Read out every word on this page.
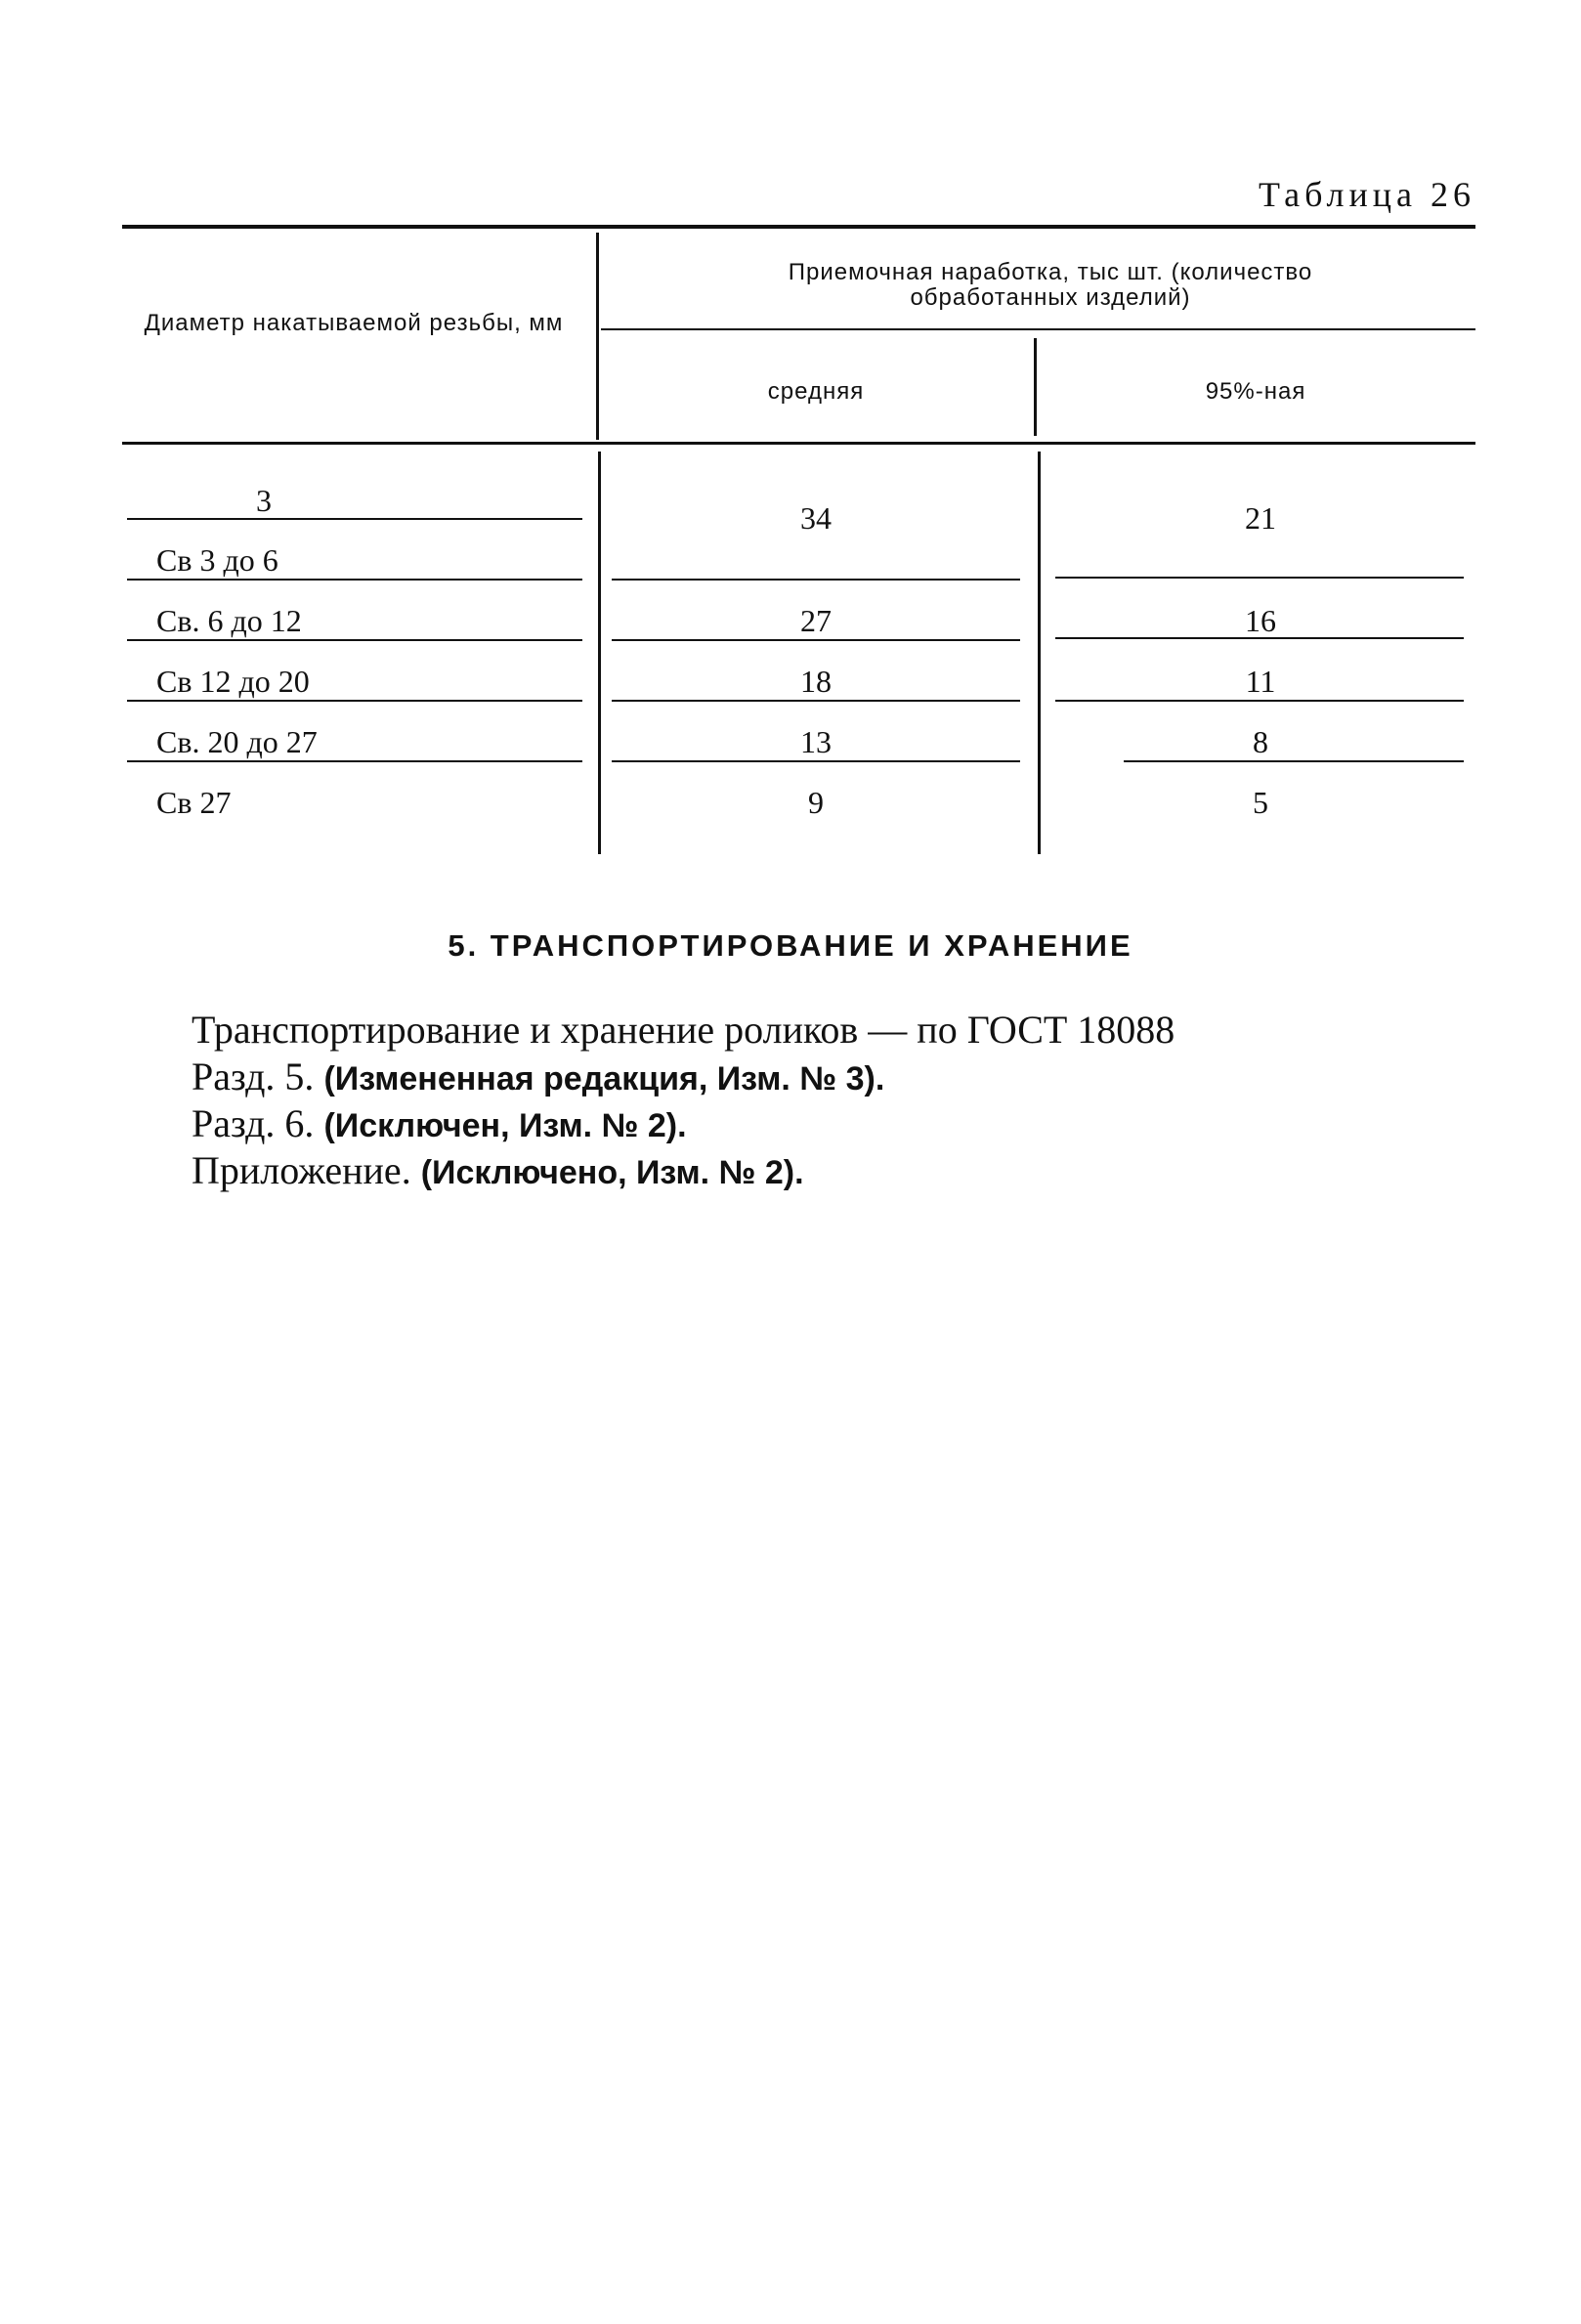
Таблица 26
Диаметр накатываемой резьбы, мм
Приемочная наработка, тыс шт. (количество обработанных изделий)
средняя	95%-ная
3
Св 3 до 6
Св. 6 до 12
Св 12 до 20
Св. 20 до 27
Св 27
34
27
18
13
9
21
16
11
8
5
5. ТРАНСПОРТИРОВАНИЕ И ХРАНЕНИЕ
Транспортирование и хранение роликов — по ГОСТ 18088
Разд. 5. (Измененная редакция, Изм. № 3).
Разд. 6. (Исключен, Изм. № 2).
Приложение. (Исключено, Изм. № 2).
